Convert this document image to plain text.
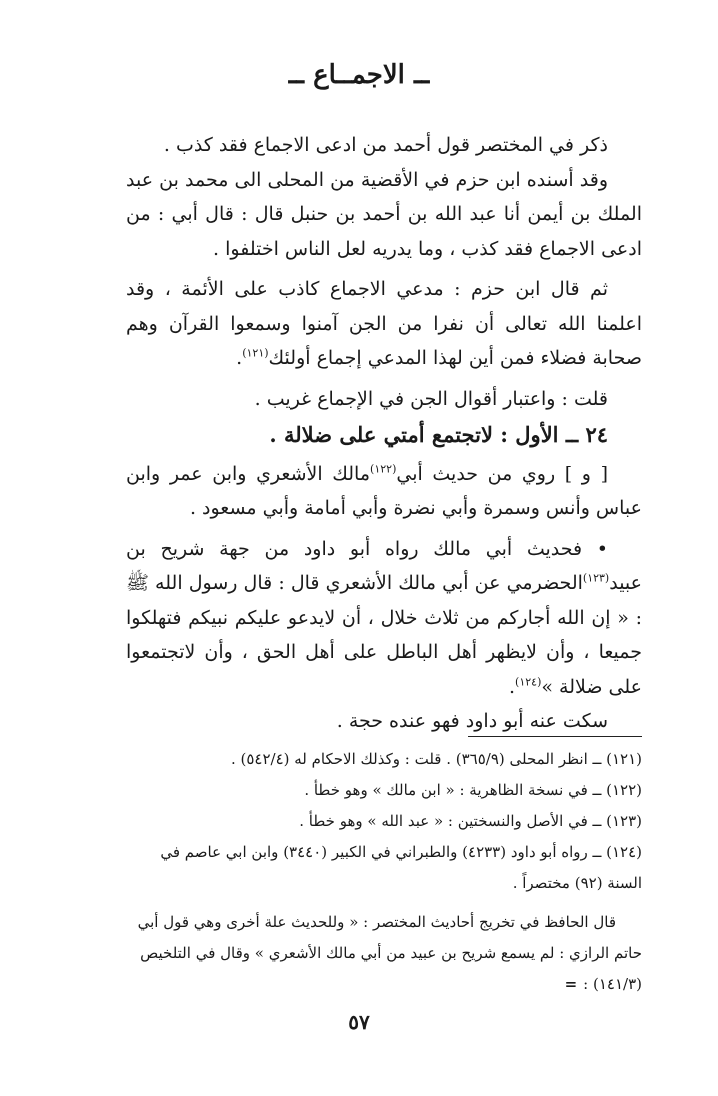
ــ الاجمــاع ــ

ذكر في المختصر قول أحمد من ادعى الاجماع فقد كذب .

وقد أسنده ابن حزم في الأقضية من المحلى الى محمد بن عبد الملك بن أيمن أنا عبد الله بن أحمد بن حنبل قال : قال أبي : من ادعى الاجماع فقد كذب ، وما يدريه لعل الناس اختلفوا .

ثم قال ابن حزم : مدعي الاجماع كاذب على الأئمة ، وقد اعلمنا الله تعالى أن نفرا من الجن آمنوا وسمعوا القرآن وهم صحابة فضلاء فمن أين لهذا المدعي إجماع أولئك$^{(١٢١)}$.

قلت : واعتبار أقوال الجن في الإجماع غريب .

٢٤ ــ الأول : لاتجتمع أمتي على ضلالة .

[ و ] روي من حديث أبي$^{(١٢٢)}$مالك الأشعري وابن عمر وابن عباس وأنس وسمرة وأبي نضرة وأبي أمامة وأبي مسعود .

• فحديث أبي مالك رواه أبو داود من جهة شريح بن عبيد$^{(١٢٣)}$الحضرمي عن أبي مالك الأشعري قال : قال رسول الله ﷺ : « إن الله أجاركم من ثلاث خلال ، أن لايدعو عليكم نبيكم فتهلكوا جميعا ، وأن لايظهر أهل الباطل على أهل الحق ، وأن لاتجتمعوا على ضلالة »$^{(١٢٤)}$.

سكت عنه أبو داود فهو عنده حجة .

(١٢١) ــ انظر المحلى (٣٦٥/٩) . قلت : وكذلك الاحكام له (٥٤٢/٤) .

(١٢٢) ــ في نسخة الظاهرية : « ابن مالك » وهو خطأ .

(١٢٣) ــ في الأصل والنسختين : « عبد الله » وهو خطأ .

(١٢٤) ــ رواه أبو داود (٤٢٣٣) والطبراني في الكبير (٣٤٤٠) وابن ابي عاصم في السنة (٩٢) مختصراً .

قال الحافظ في تخريج أحاديث المختصر : « وللحديث علة أخرى وهي قول أبي حاتم الرازي : لم يسمع شريح بن عبيد من أبي مالك الأشعري » وقال في التلخيص (١٤١/٣) :=

٥٧
